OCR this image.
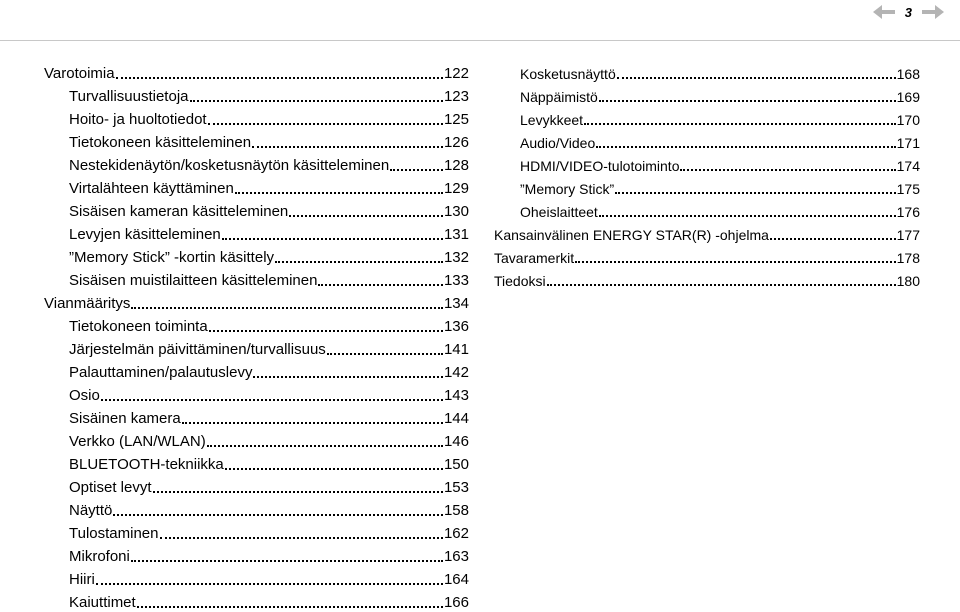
3
Varotoimia	122
Turvallisuustietoja	123
Hoito- ja huoltotiedot	125
Tietokoneen käsitteleminen	126
Nestekidenäytön/kosketusnäytön käsitteleminen	128
Virtalähteen käyttäminen	129
Sisäisen kameran käsitteleminen	130
Levyjen käsitteleminen	131
”Memory Stick” -kortin käsittely	132
Sisäisen muistilaitteen käsitteleminen	133
Vianmääritys	134
Tietokoneen toiminta	136
Järjestelmän päivittäminen/turvallisuus	141
Palauttaminen/palautuslevy	142
Osio	143
Sisäinen kamera	144
Verkko (LAN/WLAN)	146
BLUETOOTH-tekniikka	150
Optiset levyt	153
Näyttö	158
Tulostaminen	162
Mikrofoni	163
Hiiri	164
Kaiuttimet	166
Kosketusnäyttö	168
Näppäimistö	169
Levykkeet	170
Audio/Video	171
HDMI/VIDEO-tulotoiminto	174
”Memory Stick”	175
Oheislaitteet	176
Kansainvälinen ENERGY STAR(R) -ohjelma	177
Tavaramerkit	178
Tiedoksi	180
